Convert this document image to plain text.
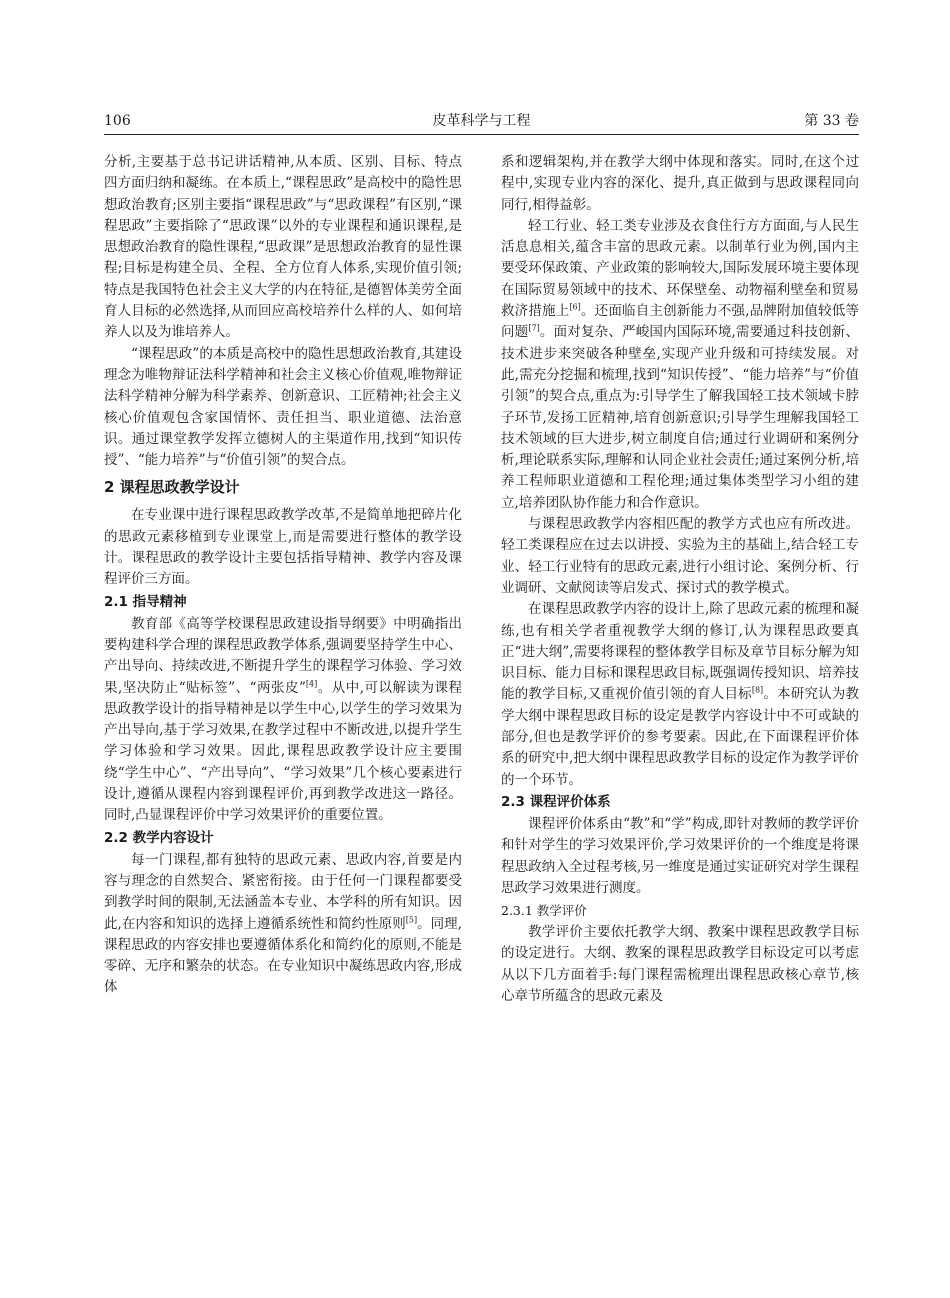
106	皮革科学与工程	第 33 卷

分析,主要基于总书记讲话精神,从本质、区别、目标、特点四方面归纳和凝练。在本质上,“课程思政”是高校中的隐性思想政治教育;区别主要指“课程思政”与“思政课程”有区别,“课程思政”主要指除了“思政课”以外的专业课程和通识课程,是思想政治教育的隐性课程,“思政课”是思想政治教育的显性课程;目标是构建全员、全程、全方位育人体系,实现价值引领;特点是我国特色社会主义大学的内在特征,是德智体美劳全面育人目标的必然选择,从而回应高校培养什么样的人、如何培养人以及为谁培养人。

“课程思政”的本质是高校中的隐性思想政治教育,其建设理念为唯物辩证法科学精神和社会主义核心价值观,唯物辩证法科学精神分解为科学素养、创新意识、工匠精神;社会主义核心价值观包含家国情怀、责任担当、职业道德、法治意识。通过课堂教学发挥立德树人的主渠道作用,找到“知识传授”、“能力培养”与“价值引领”的契合点。

2 课程思政教学设计

在专业课中进行课程思政教学改革,不是简单地把碎片化的思政元素移植到专业课堂上,而是需要进行整体的教学设计。课程思政的教学设计主要包括指导精神、教学内容及课程评价三方面。

2.1 指导精神

教育部《高等学校课程思政建设指导纲要》中明确指出要构建科学合理的课程思政教学体系,强调要坚持学生中心、产出导向、持续改进,不断提升学生的课程学习体验、学习效果,坚决防止“贴标签”、“两张皮”[4]。从中,可以解读为课程思政教学设计的指导精神是以学生中心,以学生的学习效果为产出导向,基于学习效果,在教学过程中不断改进,以提升学生学习体验和学习效果。因此,课程思政教学设计应主要围绕“学生中心”、“产出导向”、“学习效果”几个核心要素进行设计,遵循从课程内容到课程评价,再到教学改进这一路径。同时,凸显课程评价中学习效果评价的重要位置。

2.2 教学内容设计

每一门课程,都有独特的思政元素、思政内容,首要是内容与理念的自然契合、紧密衔接。由于任何一门课程都要受到教学时间的限制,无法涵盖本专业、本学科的所有知识。因此,在内容和知识的选择上遵循系统性和简约性原则[5]。同理,课程思政的内容安排也要遵循体系化和简约化的原则,不能是零碎、无序和繁杂的状态。在专业知识中凝练思政内容,形成体

系和逻辑架构,并在教学大纲中体现和落实。同时,在这个过程中,实现专业内容的深化、提升,真正做到与思政课程同向同行,相得益彰。

轻工行业、轻工类专业涉及衣食住行方方面面,与人民生活息息相关,蕴含丰富的思政元素。以制革行业为例,国内主要受环保政策、产业政策的影响较大,国际发展环境主要体现在国际贸易领域中的技术、环保壁垒、动物福利壁垒和贸易救济措施上[6]。还面临自主创新能力不强,品牌附加值较低等问题[7]。面对复杂、严峻国内国际环境,需要通过科技创新、技术进步来突破各种壁垒,实现产业升级和可持续发展。对此,需充分挖掘和梳理,找到“知识传授”、“能力培养”与“价值引领”的契合点,重点为:引导学生了解我国轻工技术领域卡脖子环节,发扬工匠精神,培育创新意识;引导学生理解我国轻工技术领域的巨大进步,树立制度自信;通过行业调研和案例分析,理论联系实际,理解和认同企业社会责任;通过案例分析,培养工程师职业道德和工程伦理;通过集体类型学习小组的建立,培养团队协作能力和合作意识。

与课程思政教学内容相匹配的教学方式也应有所改进。轻工类课程应在过去以讲授、实验为主的基础上,结合轻工专业、轻工行业特有的思政元素,进行小组讨论、案例分析、行业调研、文献阅读等启发式、探讨式的教学模式。

在课程思政教学内容的设计上,除了思政元素的梳理和凝练,也有相关学者重视教学大纲的修订,认为课程思政要真正“进大纲”,需要将课程的整体教学目标及章节目标分解为知识目标、能力目标和课程思政目标,既强调传授知识、培养技能的教学目标,又重视价值引领的育人目标[8]。本研究认为教学大纲中课程思政目标的设定是教学内容设计中不可或缺的部分,但也是教学评价的参考要素。因此,在下面课程评价体系的研究中,把大纲中课程思政教学目标的设定作为教学评价的一个环节。

2.3 课程评价体系

课程评价体系由“教”和“学”构成,即针对教师的教学评价和针对学生的学习效果评价,学习效果评价的一个维度是将课程思政纳入全过程考核,另一维度是通过实证研究对学生课程思政学习效果进行测度。

2.3.1 教学评价

教学评价主要依托教学大纲、教案中课程思政教学目标的设定进行。大纲、教案的课程思政教学目标设定可以考虑从以下几方面着手:每门课程需梳理出课程思政核心章节,核心章节所蕴含的思政元素及
